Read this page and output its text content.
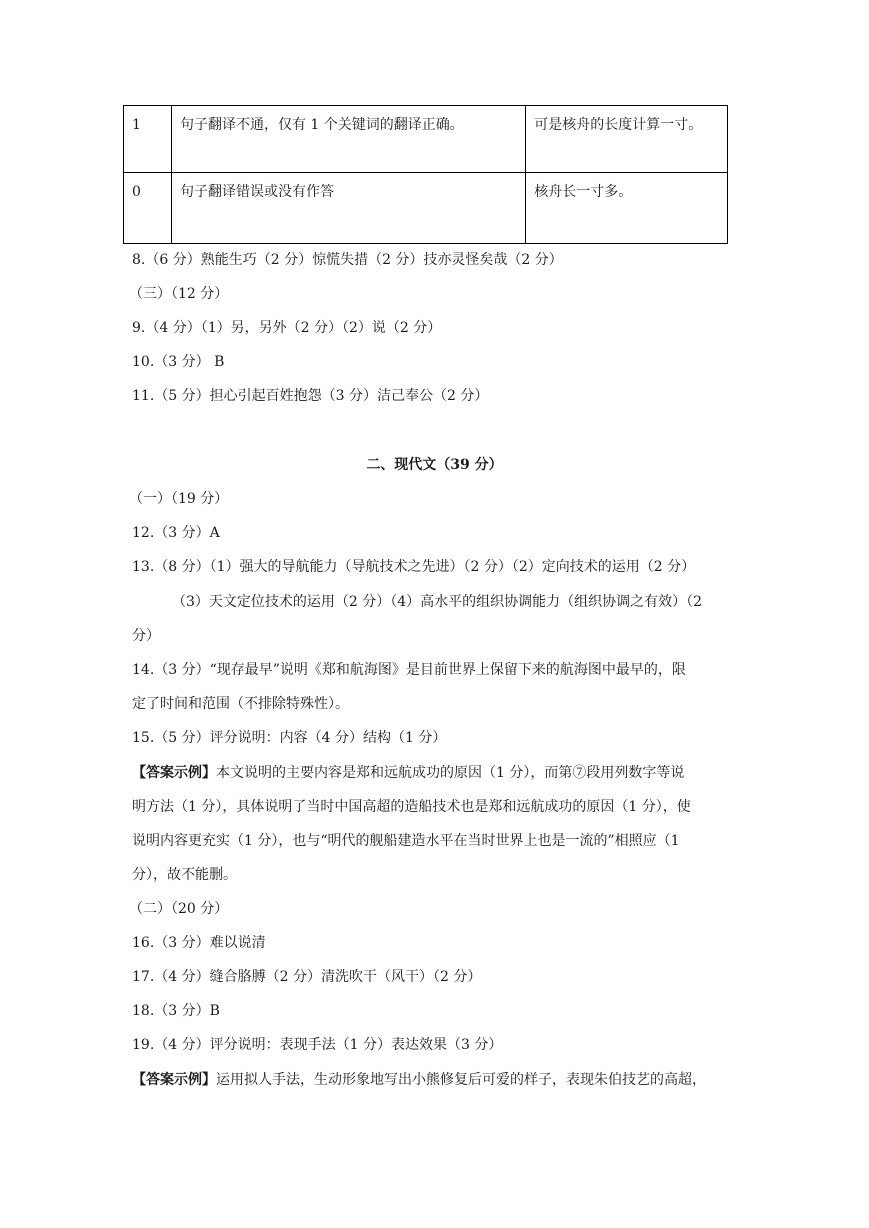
1	句子翻译不通，仅有 1 个关键词的翻译正确。	可是核舟的长度计算一寸。
0	句子翻译错误或没有作答	核舟长一寸多。
8.（6 分）熟能生巧（2 分）惊慌失措（2 分）技亦灵怪矣哉（2 分）
（三）（12 分）
9.（4 分）（1）另，另外（2 分）（2）说（2 分）
10.（3 分） B
11.（5 分）担心引起百姓抱怨（3 分）洁己奉公（2 分）
（一）（19 分）
12.（3 分）A
13.（8 分）（1）强大的导航能力（导航技术之先进）（2 分）（2）定向技术的运用（2 分）
（3）天文定位技术的运用（2 分）（4）高水平的组织协调能力（组织协调之有效）（2
分）
14.（3 分）“现存最早”说明《郑和航海图》是目前世界上保留下来的航海图中最早的，限
定了时间和范围（不排除特殊性）。
15.（5 分）评分说明：内容（4 分）结构（1 分）
【答案示例】本文说明的主要内容是郑和远航成功的原因（1 分），而第⑦段用列数字等说
明方法（1 分），具体说明了当时中国高超的造船技术也是郑和远航成功的原因（1 分），使
说明内容更充实（1 分），也与“明代的舰船建造水平在当时世界上也是一流的”相照应（1
分），故不能删。
（二）（20 分）
16.（3 分）难以说清
17.（4 分）缝合胳膊（2 分）清洗吹干（风干）（2 分）
18.（3 分）B
19.（4 分）评分说明：表现手法（1 分）表达效果（3 分）
【答案示例】运用拟人手法，生动形象地写出小熊修复后可爱的样子，表现朱伯技艺的高超，
二、现代文（39 分）
